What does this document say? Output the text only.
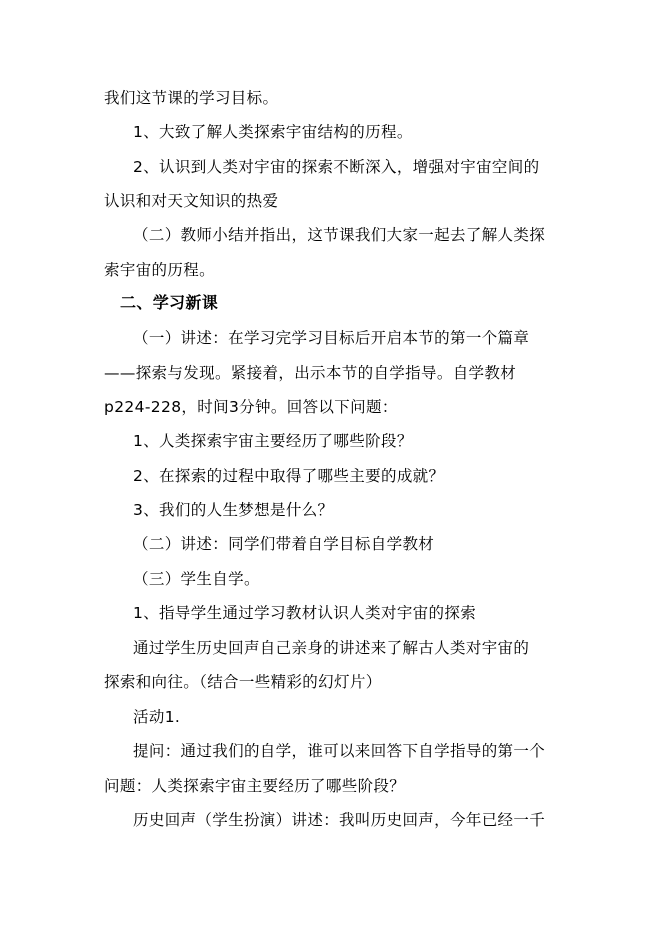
我们这节课的学习目标。
1、大致了解人类探索宇宙结构的历程。
2、认识到人类对宇宙的探索不断深入，增强对宇宙空间的
认识和对天文知识的热爱
（二）教师小结并指出，这节课我们大家一起去了解人类探
索宇宙的历程。
二、学习新课
（一）讲述：在学习完学习目标后开启本节的第一个篇章
——探索与发现。紧接着，出示本节的自学指导。自学教材
p224-228，时间3分钟。回答以下问题：
1、人类探索宇宙主要经历了哪些阶段？
2、在探索的过程中取得了哪些主要的成就？
3、我们的人生梦想是什么？
（二）讲述：同学们带着自学目标自学教材
（三）学生自学。
1、指导学生通过学习教材认识人类对宇宙的探索
通过学生历史回声自己亲身的讲述来了解古人类对宇宙的
探索和向往。（结合一些精彩的幻灯片）
活动1.
提问：通过我们的自学，谁可以来回答下自学指导的第一个
问题：人类探索宇宙主要经历了哪些阶段？
历史回声（学生扮演）讲述：我叫历史回声，今年已经一千
